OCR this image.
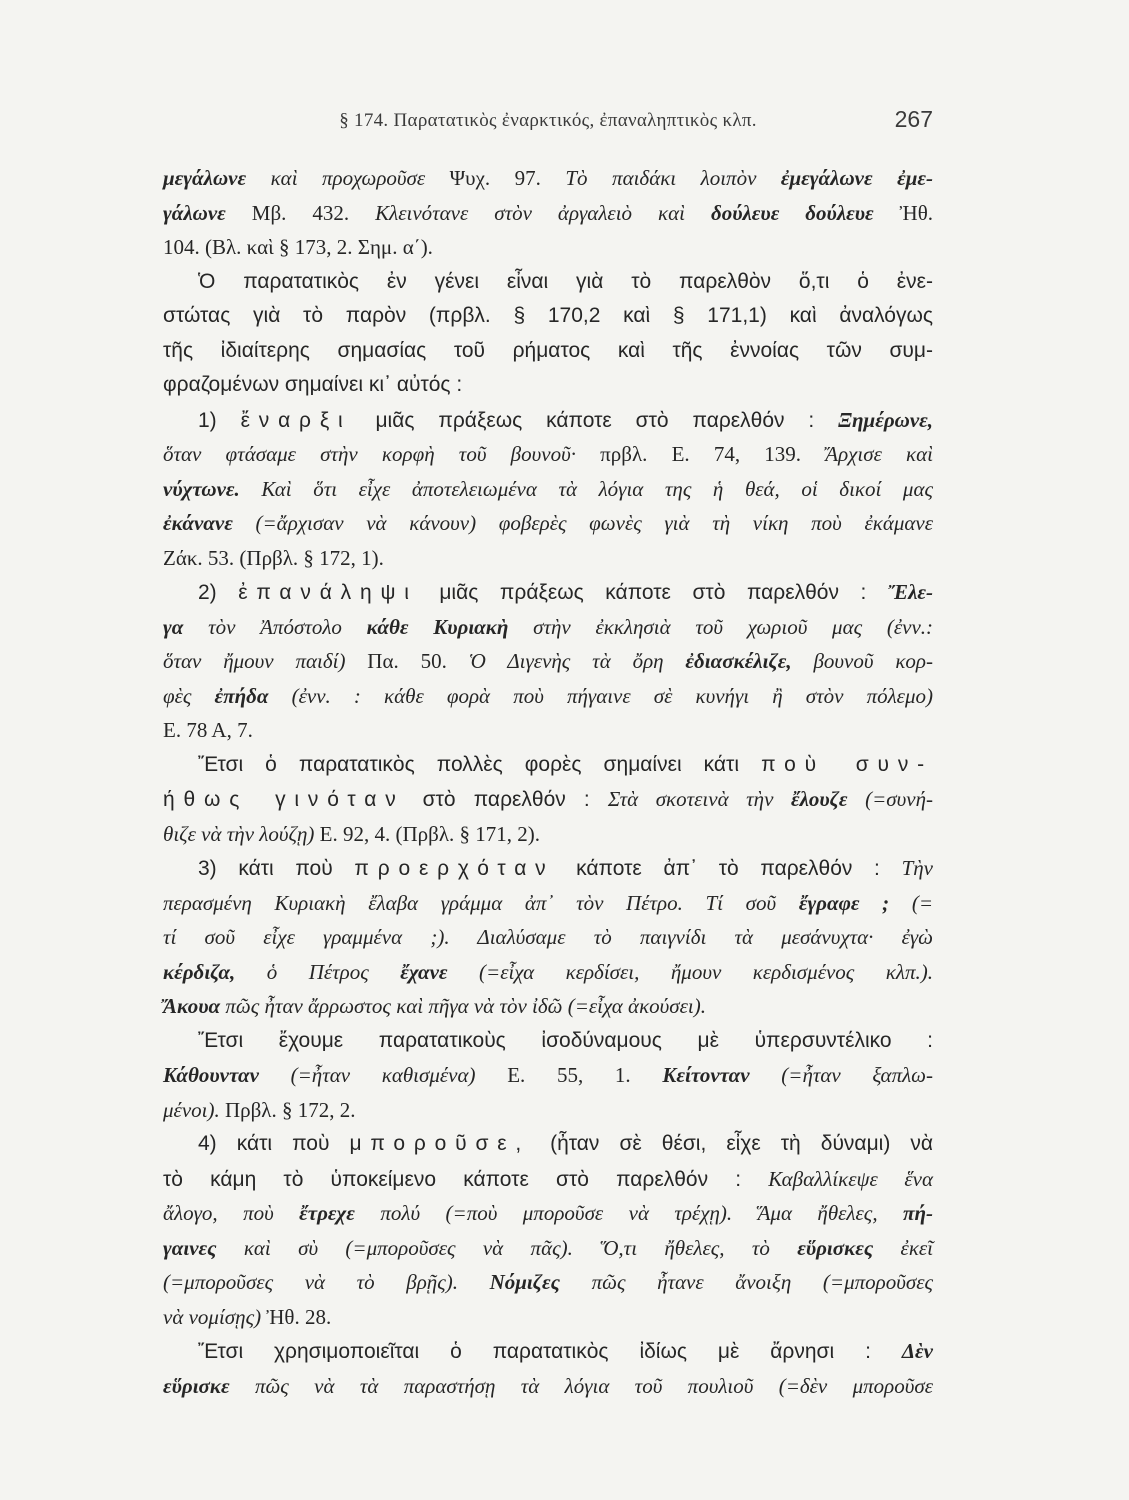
§ 174. Παρατατικὸς ἐναρκτικός, ἐπαναληπτικὸς κλπ.	267
μεγάλωνε καὶ προχωροῦσε Ψυχ. 97. Τὸ παιδάκι λοιπὸν ἐμεγάλωνε ἐμε-
γάλωνε Μβ. 432. Κλεινότανε στὸν ἀργαλειὸ καὶ δούλευε δούλευε Ἠθ.
104. (Βλ. καὶ § 173, 2. Σημ. α΄).
Ὁ παρατατικὸς ἐν γένει εἶναι γιὰ τὸ παρελθὸν ὅ,τι ὁ ἐνε-
στώτας γιὰ τὸ παρὸν (πρβλ. § 170,2 καὶ § 171,1) καὶ ἀναλόγως
τῆς ἰδιαίτερης σημασίας τοῦ ρήματος καὶ τῆς ἐννοίας τῶν συμ-
φραζομένων σημαίνει κι᾽ αὐτός :
1) ἔναρξι μιᾶς πράξεως κάποτε στὸ παρελθόν : Ξημέρωνε,
ὅταν φτάσαμε στὴν κορφὴ τοῦ βουνοῦ· πρβλ. Ε. 74, 139. Ἄρχισε καὶ
νύχτωνε. Καὶ ὅτι εἶχε ἀποτελειωμένα τὰ λόγια της ἡ θεά, οἱ δικοί μας
ἐκάνανε (=ἄρχισαν νὰ κάνουν) φοβερὲς φωνὲς γιὰ τὴ νίκη ποὺ ἐκάμανε
Ζάκ. 53. (Πρβλ. § 172, 1).
2) ἐπανάληψι μιᾶς πράξεως κάποτε στὸ παρελθόν : Ἔλε-
γα τὸν Ἀπόστολο κάθε Κυριακὴ στὴν ἐκκλησιὰ τοῦ χωριοῦ μας (ἐνν.:
ὅταν ἤμουν παιδί) Πα. 50. Ὁ Διγενὴς τὰ ὄρη ἐδιασκέλιζε, βουνοῦ κορ-
φὲς ἐπήδα (ἐνν. : κάθε φορὰ ποὺ πήγαινε σὲ κυνήγι ἢ στὸν πόλεμο)
Ε. 78 Α, 7.
Ἔτσι ὁ παρατατικὸς πολλὲς φορὲς σημαίνει κάτι ποὺ συν-
ήθως γινόταν στὸ παρελθόν : Στὰ σκοτεινὰ τὴν ἔλουζε (=συνή-
θιζε νὰ τὴν λούζῃ) Ε. 92, 4. (Πρβλ. § 171, 2).
3) κάτι ποὺ προερχόταν κάποτε ἀπ᾽ τὸ παρελθόν : Τὴν
περασμένη Κυριακὴ ἔλαβα γράμμα ἀπ᾽ τὸν Πέτρο. Τί σοῦ ἔγραφε ; (=
τί σοῦ εἶχε γραμμένα ;). Διαλύσαμε τὸ παιγνίδι τὰ μεσάνυχτα· ἐγὼ
κέρδιζα, ὁ Πέτρος ἔχανε (=εἶχα κερδίσει, ἤμουν κερδισμένος κλπ.).
Ἄκουα πῶς ἦταν ἄρρωστος καὶ πῆγα νὰ τὸν ἰδῶ (=εἶχα ἀκούσει).
Ἔτσι ἔχουμε παρατατικοὺς ἰσοδύναμους μὲ ὑπερσυντέλικο :
Κάθουνταν (=ἦταν καθισμένα) Ε. 55, 1. Κείτονταν (=ἦταν ξαπλω-
μένοι). Πρβλ. § 172, 2.
4) κάτι ποὺ μποροῦσε, (ἦταν σὲ θέσι, εἶχε τὴ δύναμι) νὰ
τὸ κάμη τὸ ὑποκείμενο κάποτε στὸ παρελθόν : Καβαλλίκεψε ἕνα
ἄλογο, ποὺ ἔτρεχε πολύ (=ποὺ μποροῦσε νὰ τρέχῃ). Ἅμα ἤθελες, πή-
γαινες καὶ σὺ (=μποροῦσες νὰ πᾶς). Ὅ,τι ἤθελες, τὸ εὕρισκες ἐκεῖ
(=μποροῦσες νὰ τὸ βρῇς). Νόμιζες πῶς ἦτανε ἄνοιξη (=μποροῦσες
νὰ νομίσῃς) Ἠθ. 28.
Ἔτσι χρησιμοποιεῖται ὁ παρατατικὸς ἰδίως μὲ ἄρνησι : Δὲν
εὕρισκε πῶς νὰ τὰ παραστήσῃ τὰ λόγια τοῦ πουλιοῦ (=δὲν μποροῦσε
